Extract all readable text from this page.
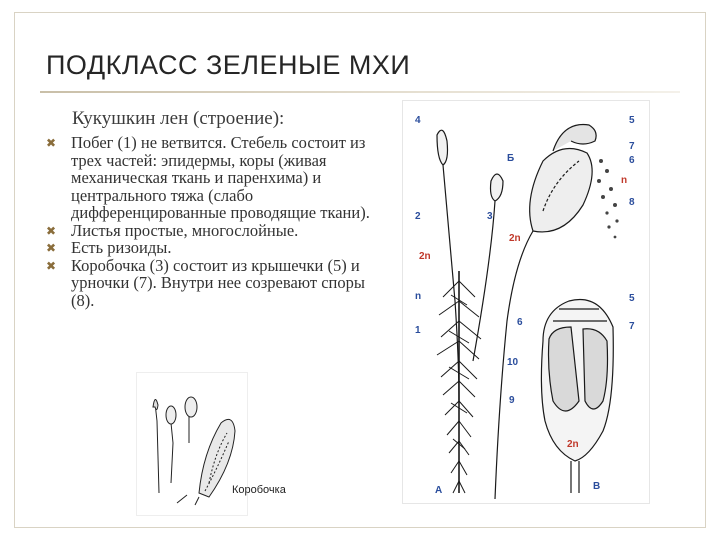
ПОДКЛАСС ЗЕЛЕНЫЕ МХИ
Кукушкин лен (строение):
✖ Побег (1) не ветвится. Стебель состоит из трех частей: эпидермы, коры (живая механическая ткань и паренхима) и центрального тяжа (слабо дифференцированные проводящие ткани).
✖ Листья простые, многослойные.
✖ Есть ризоиды.
✖ Коробочка (3) состоит из крышечки (5) и урночки (7). Внутри нее созревают споры (8).
Коробочка
4
2
2n
n
1
3
A
5
7
6
n
8
Б
2n
5
6	7
10
9
2n
B
